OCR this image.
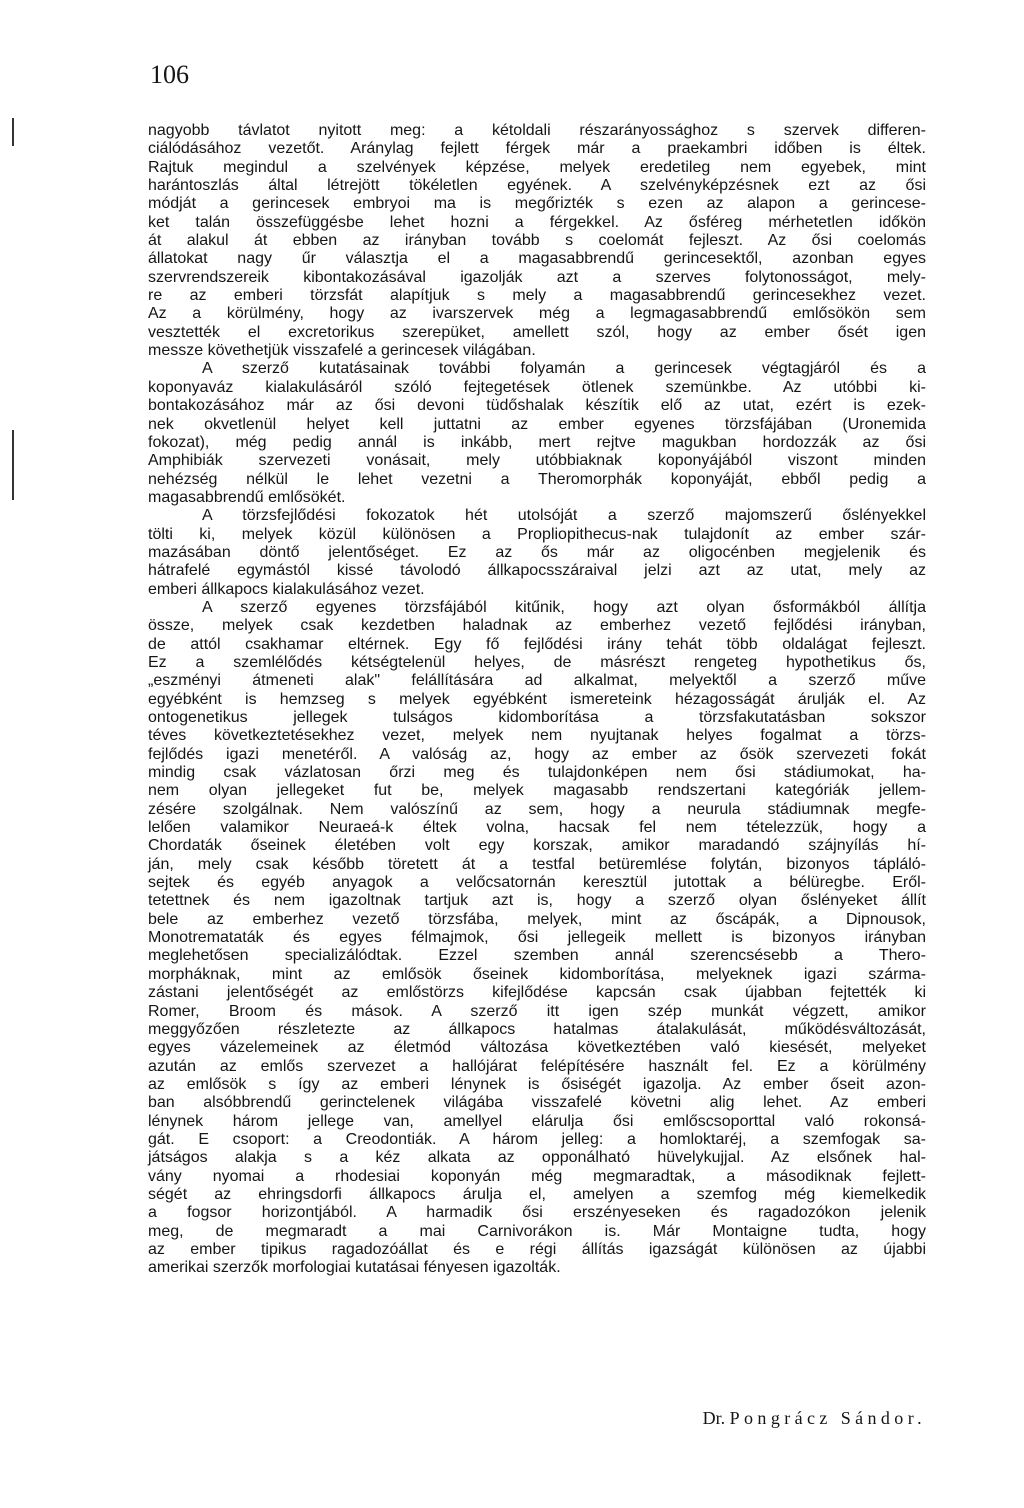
106
nagyobb távlatot nyitott meg: a kétoldali részarányossághoz s szervek differen-
ciálódásához vezetőt. Aránylag fejlett férgek már a praekambri időben is éltek.
Rajtuk megindul a szelvények képzése, melyek eredetileg nem egyebek, mint
harántoszlás által létrejött tökéletlen egyének. A szelvényképzésnek ezt az ősi
módját a gerincesek embryoi ma is megőrizték s ezen az alapon a gerincese-
ket talán összefüggésbe lehet hozni a férgekkel. Az ősféreg mérhetetlen időkön
át alakul át ebben az irányban tovább s coelomát fejleszt. Az ősi coelomás
állatokat nagy űr választja el a magasabbrendű gerincesektől, azonban egyes
szervrendszereik kibontakozásával igazolják azt a szerves folytonosságot, mely-
re az emberi törzsfát alapítjuk s mely a magasabbrendű gerincesekhez vezet.
Az a körülmény, hogy az ivarszervek még a legmagasabbrendű emlősökön sem
vesztették el excretorikus szerepüket, amellett szól, hogy az ember ősét igen
messze követhetjük visszafelé a gerincesek világában.
A szerző kutatásainak további folyamán a gerincesek végtagjáról és a
koponyaváz kialakulásáról szóló fejtegetések ötlenek szemünkbe. Az utóbbi ki-
bontakozásához már az ősi devoni tüdőshalak készítik elő az utat, ezért is ezek-
nek okvetlenül helyet kell juttatni az ember egyenes törzsfájában (Uronemida
fokozat), még pedig annál is inkább, mert rejtve magukban hordozzák az ősi
Amphibiák szervezeti vonásait, mely utóbbiaknak koponyájából viszont minden
nehézség nélkül le lehet vezetni a Theromorphák koponyáját, ebből pedig a
magasabbrendű emlősökét.
A törzsfejlődési fokozatok hét utolsóját a szerző majomszerű őslényekkel
tölti ki, melyek közül különösen a Propliopithecus-nak tulajdonít az ember szár-
mazásában döntő jelentőséget. Ez az ős már az oligocénben megjelenik és
hátrafelé egymástól kissé távolodó állkapocsszáraival jelzi azt az utat, mely az
emberi állkapocs kialakulásához vezet.
A szerző egyenes törzsfájából kitűnik, hogy azt olyan ősformákból állítja
össze, melyek csak kezdetben haladnak az emberhez vezető fejlődési irányban,
de attól csakhamar eltérnek. Egy fő fejlődési irány tehát több oldalágat fejleszt.
Ez a szemlélődés kétségtelenül helyes, de másrészt rengeteg hypothetikus ős,
„eszményi átmeneti alak" felállítására ad alkalmat, melyektől a szerző műve
egyébként is hemzseg s melyek egyébként ismereteink hézagosságát árulják el. Az
ontogenetikus jellegek tulságos kidomborítása a törzsfakutatásban sokszor
téves következtetésekhez vezet, melyek nem nyujtanak helyes fogalmat a törzs-
fejlődés igazi menetéről. A valóság az, hogy az ember az ősök szervezeti fokát
mindig csak vázlatosan őrzi meg és tulajdonképen nem ősi stádiumokat, ha-
nem olyan jellegeket fut be, melyek magasabb rendszertani kategóriák jellem-
zésére szolgálnak. Nem valószínű az sem, hogy a neurula stádiumnak megfe-
lelően valamikor Neuraeá-k éltek volna, hacsak fel nem tételezzük, hogy a
Chordaták őseinek életében volt egy korszak, amikor maradandó szájnyílás hí-
ján, mely csak később töretett át a testfal betüremlése folytán, bizonyos táplálό-
sejtek és egyéb anyagok a velőcsatornán keresztül jutottak a bélüregbe. Eről-
tetettnek és nem igazoltnak tartjuk azt is, hogy a szerző olyan őslényeket állít
bele az emberhez vezető törzsfába, melyek, mint az őscápák, a Dipnousok,
Monotremataták és egyes félmajmok, ősi jellegeik mellett is bizonyos irányban
meglehetősen specializálódtak. Ezzel szemben annál szerencsésebb a Thero-
morpháknak, mint az emlősök őseinek kidomborítása, melyeknek igazi szárma-
zástani jelentőségét az emlőstörzs kifejlődése kapcsán csak újabban fejtették ki
Romer, Broom és mások. A szerző itt igen szép munkát végzett, amikor
meggyőzően részletezte az állkapocs hatalmas átalakulását, működésváltozását,
egyes vázelemeinek az életmód változása következtében való kiesését, melyeket
azután az emlős szervezet a hallójárat felépítésére használt fel. Ez a körülmény
az emlősök s így az emberi lénynek is ősiségét igazolja. Az ember őseit azon-
ban alsóbbrendű gerinctelenek világába visszafelé követni alig lehet. Az emberi
lénynek három jellege van, amellyel elárulja ősi emlőscsoporttal való rokonsá-
gát. E csoport: a Creodontiák. A három jelleg: a homloktaréj, a szemfogak sa-
játságos alakja s a kéz alkata az opponálható hüvelykujjal. Az elsőnek hal-
vány nyomai a rhodesiai koponyán még megmaradtak, a másodiknak fejlett-
ségét az ehringsdorfi állkapocs árulja el, amelyen a szemfog még kiemelkedik
a fogsor horizontjából. A harmadik ősi erszényeseken és ragadozókon jelenik
meg, de megmaradt a mai Carnivorákon is. Már Montaigne tudta, hogy
az ember tipikus ragadozóállat és e régi állítás igazságát különösen az újabbi
amerikai szerzők morfologiai kutatásai fényesen igazolták.
Dr. Pongrácz Sándor.
